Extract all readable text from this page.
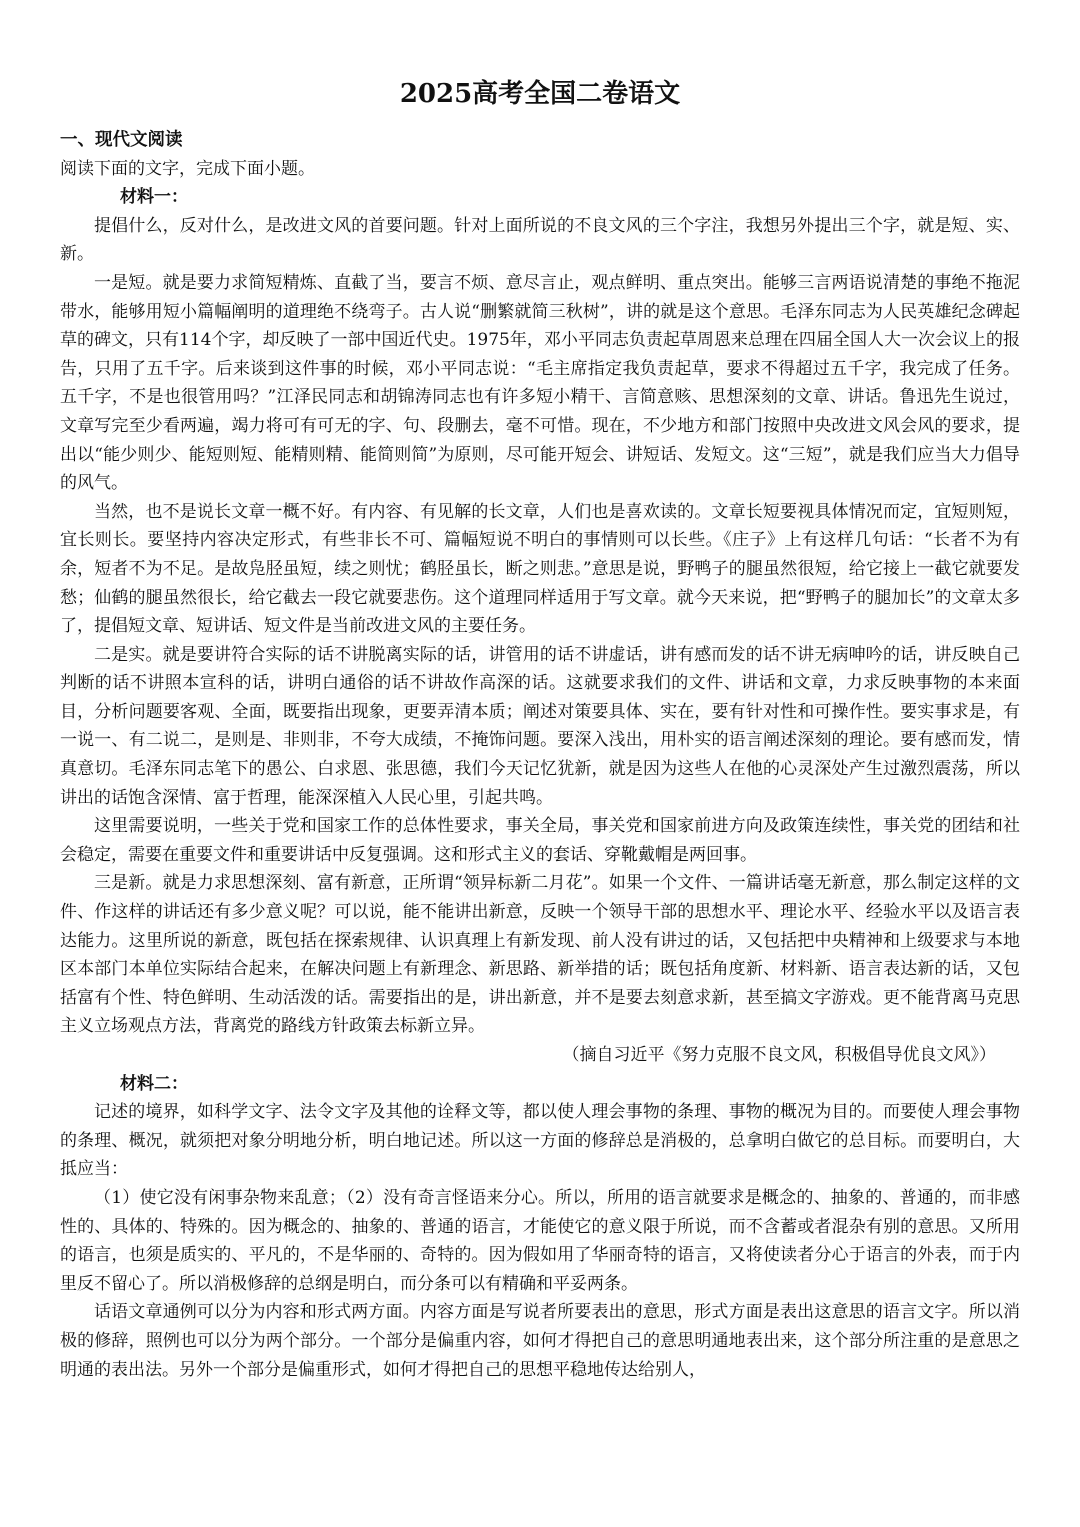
2025高考全国二卷语文
一、现代文阅读
阅读下面的文字，完成下面小题。
材料一：

提倡什么，反对什么，是改进文风的首要问题。针对上面所说的不良文风的三个字注，我想另外提出三个字，就是短、实、新。

一是短。就是要力求简短精炼、直截了当，要言不烦、意尽言止，观点鲜明、重点突出。能够三言两语说清楚的事绝不拖泥带水，能够用短小篇幅阐明的道理绝不绕弯子。古人说“删繁就简三秋树”，讲的就是这个意思。毛泽东同志为人民英雄纪念碑起草的碑文，只有114个字，却反映了一部中国近代史。1975年，邓小平同志负责起草周恩来总理在四届全国人大一次会议上的报告，只用了五千字。后来谈到这件事的时候，邓小平同志说：“毛主席指定我负责起草，要求不得超过五千字，我完成了任务。五千字，不是也很管用吗？”江泽民同志和胡锦涛同志也有许多短小精干、言简意赅、思想深刻的文章、讲话。鲁迅先生说过，文章写完至少看两遍，竭力将可有可无的字、句、段删去，毫不可惜。现在，不少地方和部门按照中央改进文风会风的要求，提出以“能少则少、能短则短、能精则精、能简则简”为原则，尽可能开短会、讲短话、发短文。这“三短”，就是我们应当大力倡导的风气。

当然，也不是说长文章一概不好。有内容、有见解的长文章，人们也是喜欢读的。文章长短要视具体情况而定，宜短则短，宜长则长。要坚持内容决定形式，有些非长不可、篇幅短说不明白的事情则可以长些。《庄子》上有这样几句话：“长者不为有余，短者不为不足。是故凫胫虽短，续之则忧；鹤胫虽长，断之则悲。”意思是说，野鸭子的腿虽然很短，给它接上一截它就要发愁；仙鹤的腿虽然很长，给它截去一段它就要悲伤。这个道理同样适用于写文章。就今天来说，把“野鸭子的腿加长”的文章太多了，提倡短文章、短讲话、短文件是当前改进文风的主要任务。

二是实。就是要讲符合实际的话不讲脱离实际的话，讲管用的话不讲虚话，讲有感而发的话不讲无病呻吟的话，讲反映自己判断的话不讲照本宣科的话，讲明白通俗的话不讲故作高深的话。这就要求我们的文件、讲话和文章，力求反映事物的本来面目，分析问题要客观、全面，既要指出现象，更要弄清本质；阐述对策要具体、实在，要有针对性和可操作性。要实事求是，有一说一、有二说二，是则是、非则非，不夸大成绩，不掩饰问题。要深入浅出，用朴实的语言阐述深刻的理论。要有感而发，情真意切。毛泽东同志笔下的愚公、白求恩、张思德，我们今天记忆犹新，就是因为这些人在他的心灵深处产生过激烈震荡，所以讲出的话饱含深情、富于哲理，能深深植入人民心里，引起共鸣。

这里需要说明，一些关于党和国家工作的总体性要求，事关全局，事关党和国家前进方向及政策连续性，事关党的团结和社会稳定，需要在重要文件和重要讲话中反复强调。这和形式主义的套话、穿靴戴帽是两回事。

三是新。就是力求思想深刻、富有新意，正所谓“领异标新二月花”。如果一个文件、一篇讲话毫无新意，那么制定这样的文件、作这样的讲话还有多少意义呢？可以说，能不能讲出新意，反映一个领导干部的思想水平、理论水平、经验水平以及语言表达能力。这里所说的新意，既包括在探索规律、认识真理上有新发现、前人没有讲过的话，又包括把中央精神和上级要求与本地区本部门本单位实际结合起来，在解决问题上有新理念、新思路、新举措的话；既包括角度新、材料新、语言表达新的话，又包括富有个性、特色鲜明、生动活泼的话。需要指出的是，讲出新意，并不是要去刻意求新，甚至搞文字游戏。更不能背离马克思主义立场观点方法，背离党的路线方针政策去标新立异。

（摘自习近平《努力克服不良文风，积极倡导优良文风》）
材料二：

记述的境界，如科学文字、法令文字及其他的诠释文等，都以使人理会事物的条理、事物的概况为目的。而要使人理会事物的条理、概况，就须把对象分明地分析，明白地记述。所以这一方面的修辞总是消极的，总拿明白做它的总目标。而要明白，大抵应当：

（1）使它没有闲事杂物来乱意；（2）没有奇言怪语来分心。所以，所用的语言就要求是概念的、抽象的、普通的，而非感性的、具体的、特殊的。因为概念的、抽象的、普通的语言，才能使它的意义限于所说，而不含蓄或者混杂有别的意思。又所用的语言，也须是质实的、平凡的，不是华丽的、奇特的。因为假如用了华丽奇特的语言，又将使读者分心于语言的外表，而于内里反不留心了。所以消极修辞的总纲是明白，而分条可以有精确和平妥两条。

话语文章通例可以分为内容和形式两方面。内容方面是写说者所要表出的意思，形式方面是表出这意思的语言文字。所以消极的修辞，照例也可以分为两个部分。一个部分是偏重内容，如何才得把自己的意思明通地表出来，这个部分所注重的是意思之明通的表出法。另外一个部分是偏重形式，如何才得把自己的思想平稳地传达给别人，
